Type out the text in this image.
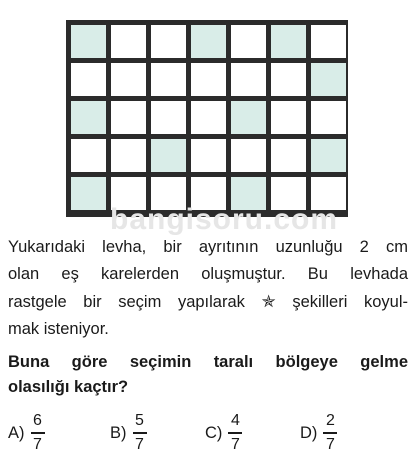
bangisoru.com

Yukarıdaki levha, bir ayrıtının uzunluğu 2 cm
olan eş karelerden oluşmuştur. Bu levhada
rastgele bir seçim yapılarak ✯ şekilleri koyul-
mak isteniyor.

Buna göre seçimin taralı bölgeye gelme
olasılığı kaçtır?

$A) \frac{6}{7}$	$B) \frac{5}{7}$	$C) \frac{4}{7}$	$D) \frac{2}{7}$
